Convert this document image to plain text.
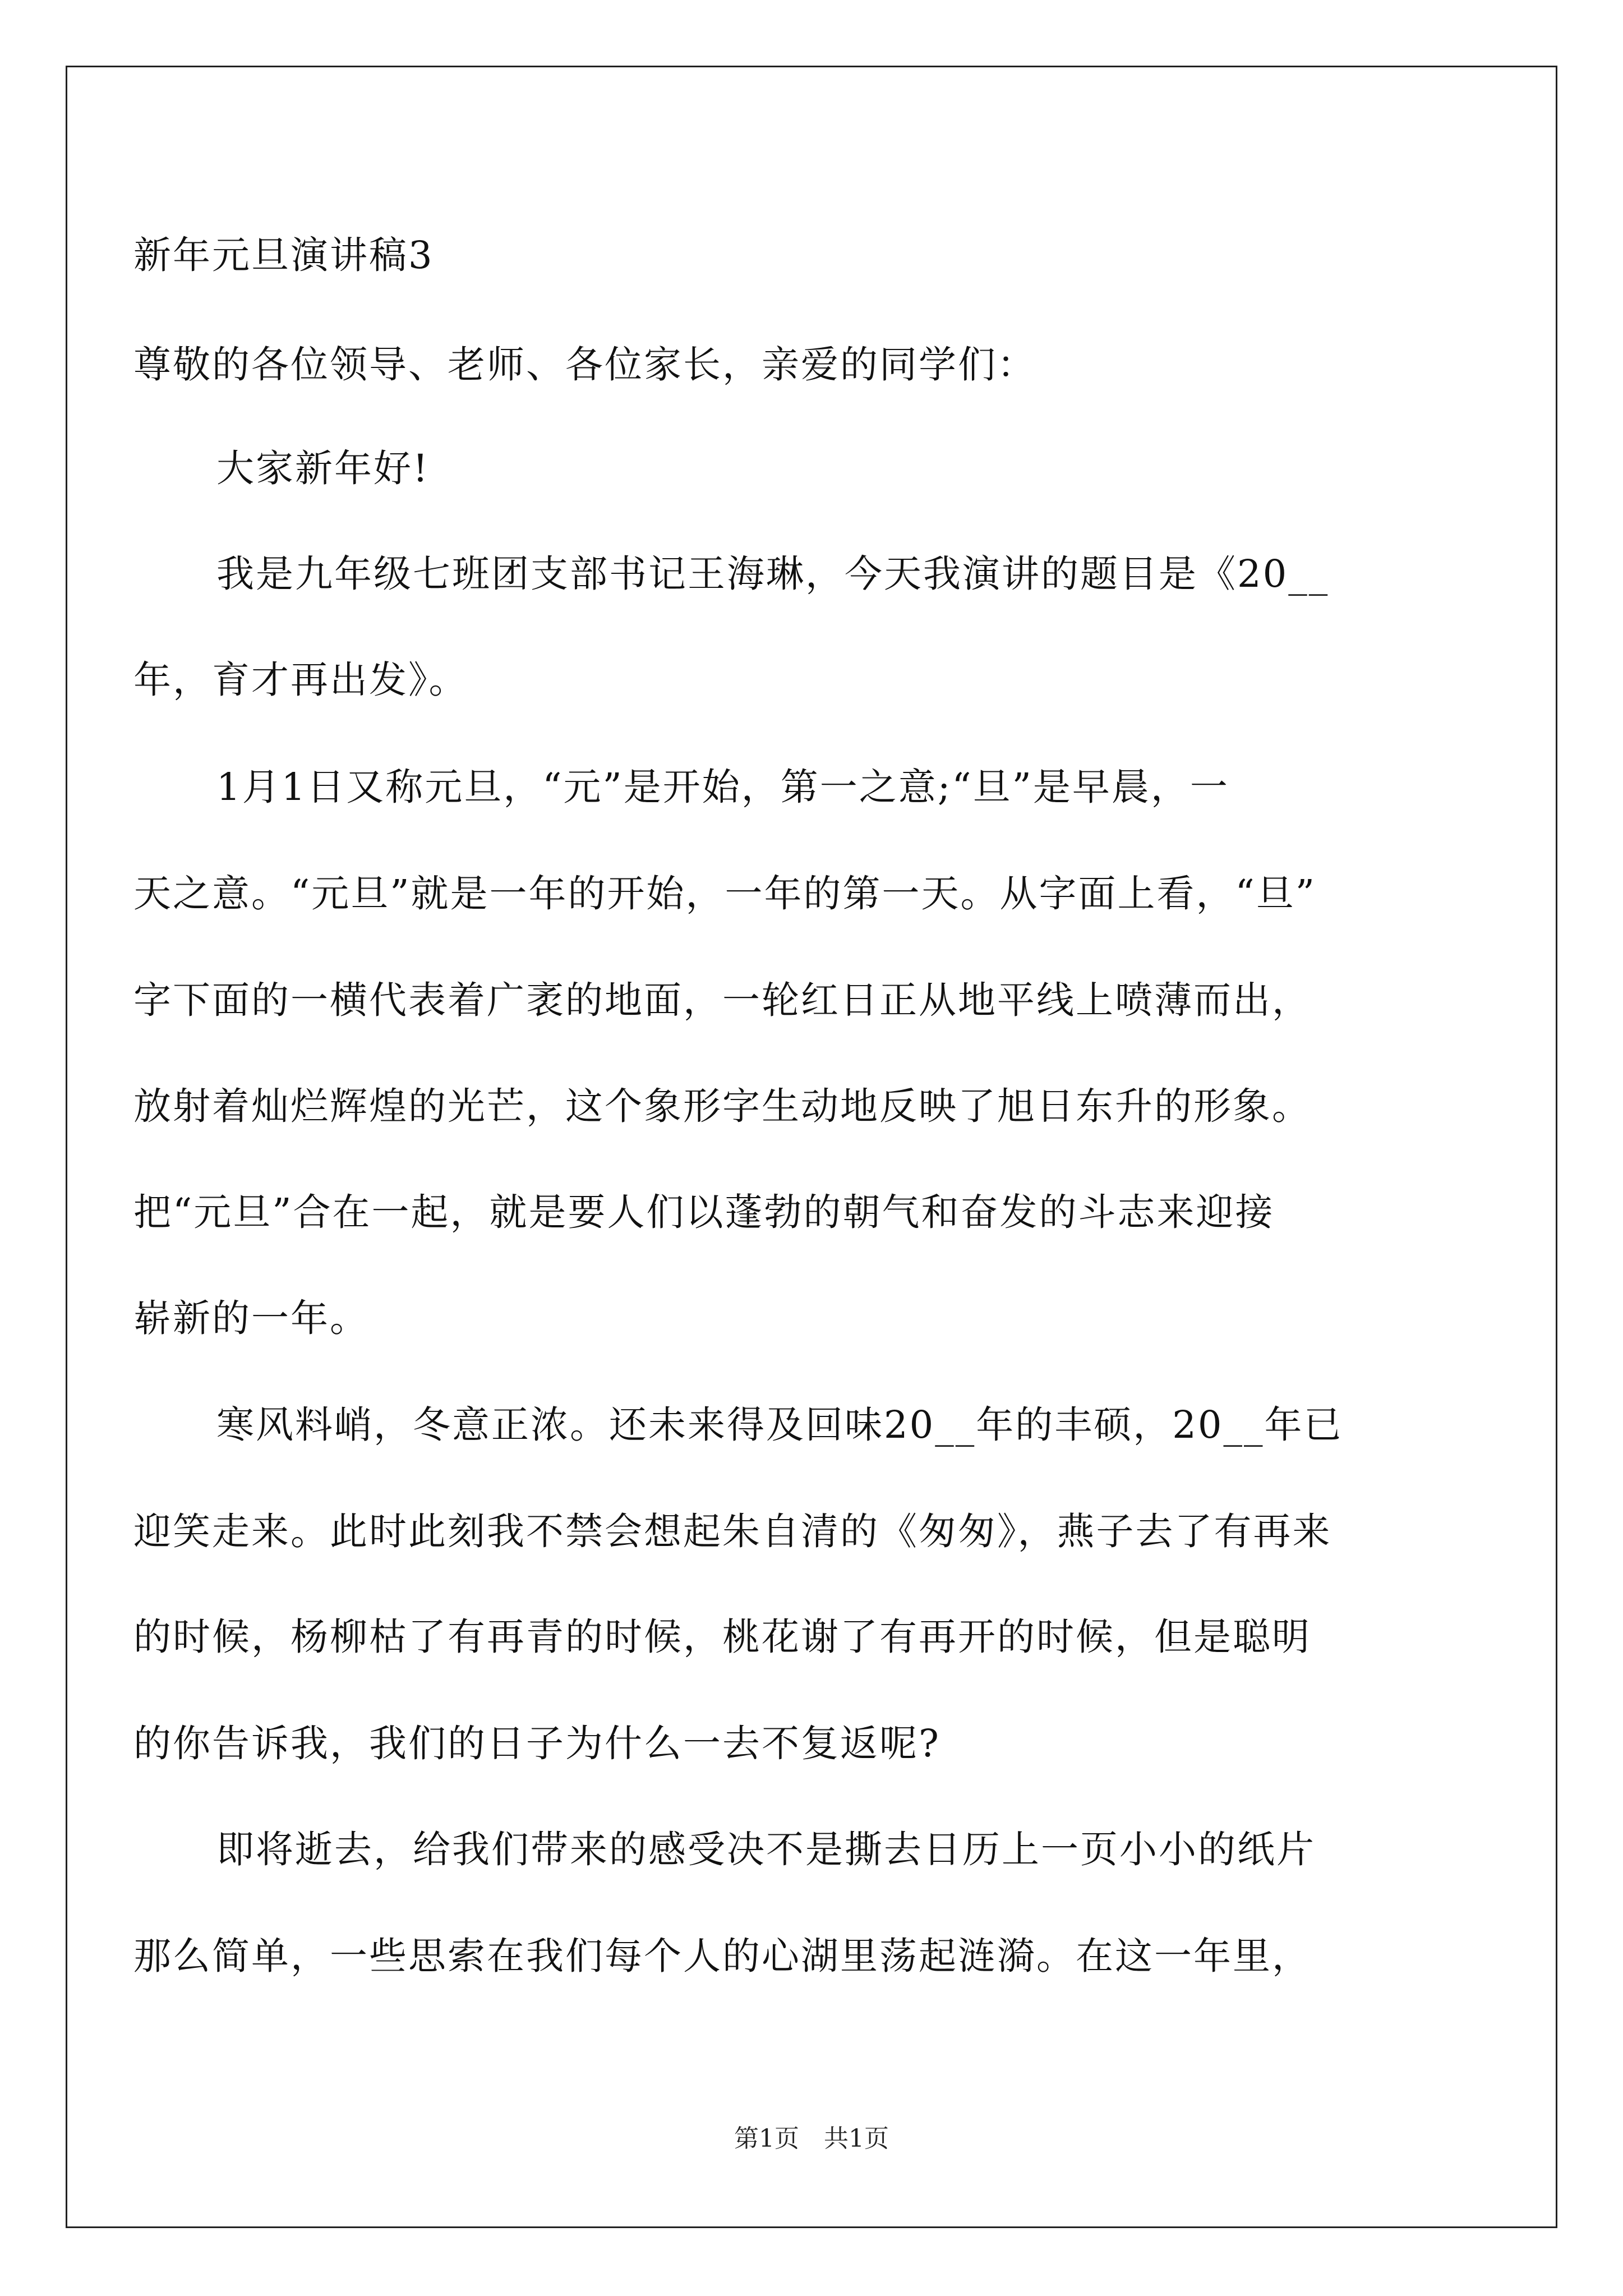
新年元旦演讲稿3
尊敬的各位领导、老师、各位家长，亲爱的同学们：
大家新年好!
我是九年级七班团支部书记王海琳，今天我演讲的题目是《20__
年，育才再出发》。
1月1日又称元旦，“元”是开始，第一之意;“旦”是早晨，一
天之意。“元旦”就是一年的开始，一年的第一天。从字面上看，“旦”
字下面的一横代表着广袤的地面，一轮红日正从地平线上喷薄而出，
放射着灿烂辉煌的光芒，这个象形字生动地反映了旭日东升的形象。
把“元旦”合在一起，就是要人们以蓬勃的朝气和奋发的斗志来迎接
崭新的一年。
寒风料峭，冬意正浓。还未来得及回味20__年的丰硕，20__年已
迎笑走来。此时此刻我不禁会想起朱自清的《匆匆》，燕子去了有再来
的时候，杨柳枯了有再青的时候，桃花谢了有再开的时候，但是聪明
的你告诉我，我们的日子为什么一去不复返呢?
即将逝去，给我们带来的感受决不是撕去日历上一页小小的纸片
那么简单，一些思索在我们每个人的心湖里荡起涟漪。在这一年里，
第1页　共1页
